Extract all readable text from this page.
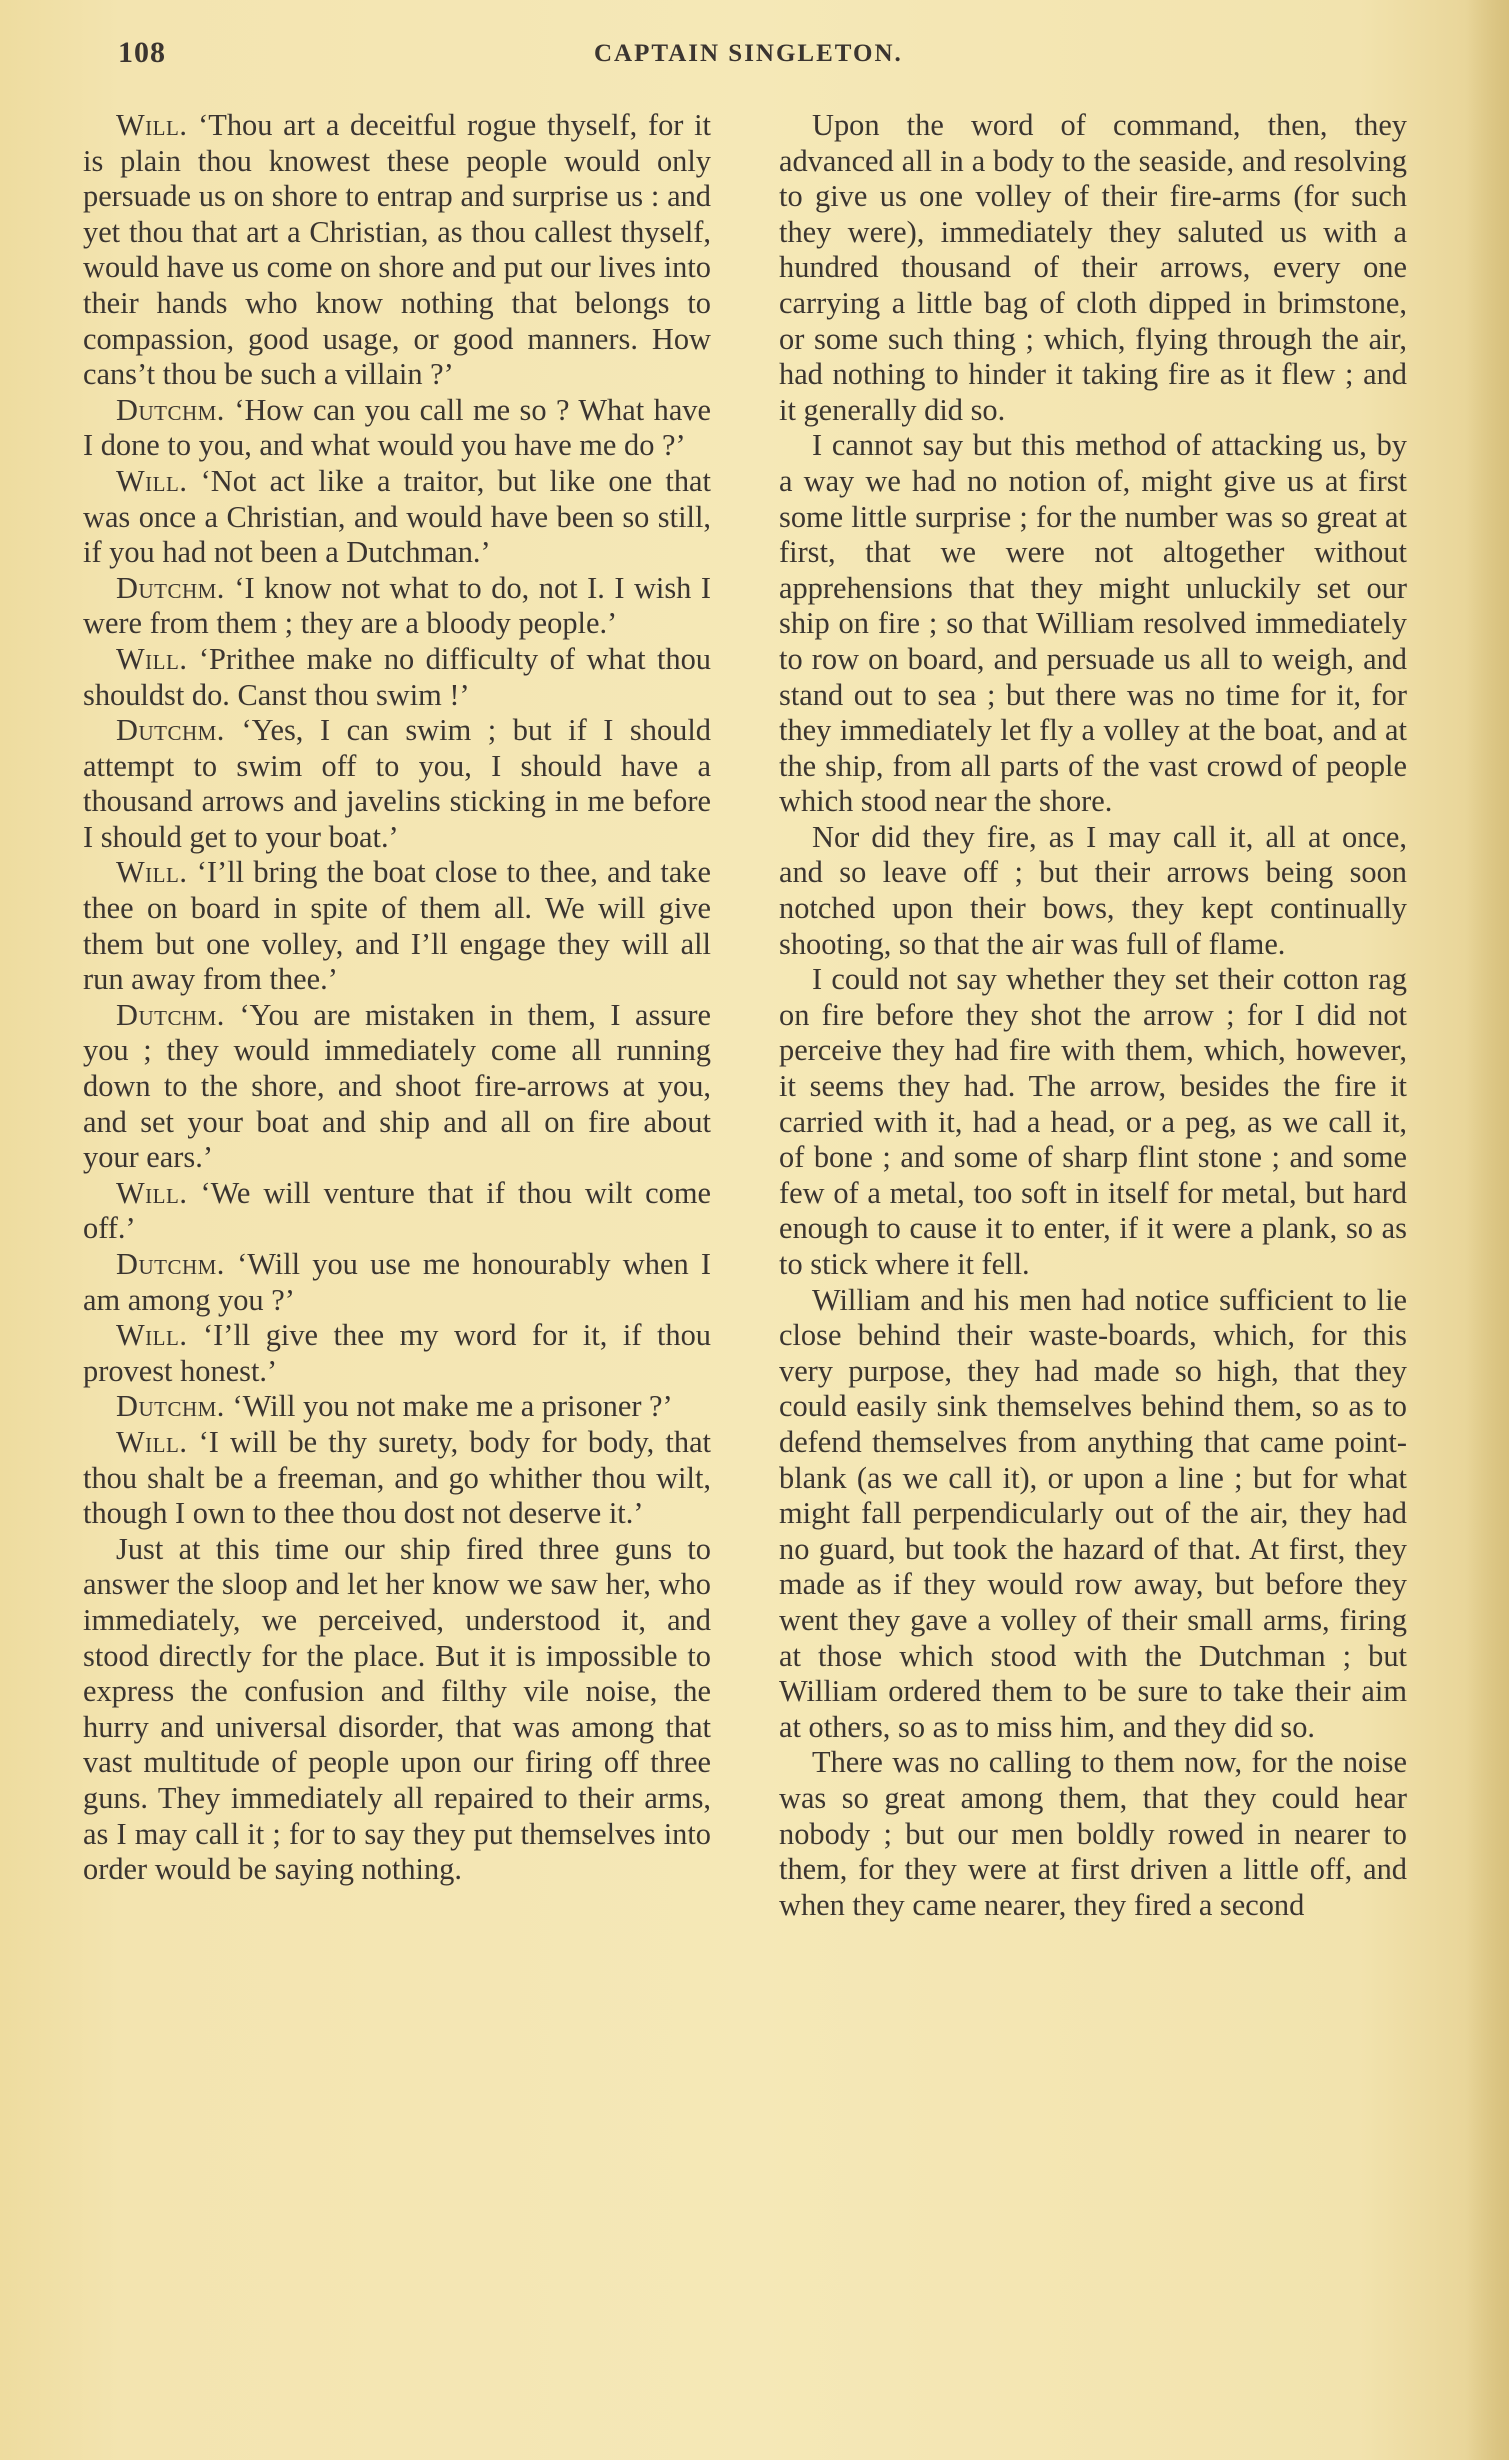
108	CAPTAIN SINGLETON.

Will. ‘Thou art a deceitful rogue thyself, for it is plain thou knowest these people would only persuade us on shore to entrap and surprise us : and yet thou that art a Christian, as thou callest thyself, would have us come on shore and put our lives into their hands who know nothing that belongs to compassion, good usage, or good manners. How cans’t thou be such a villain ?’

Dutchm. ‘How can you call me so ? What have I done to you, and what would you have me do ?’

Will. ‘Not act like a traitor, but like one that was once a Christian, and would have been so still, if you had not been a Dutchman.’

Dutchm. ‘I know not what to do, not I. I wish I were from them ; they are a bloody people.’

Will. ‘Prithee make no difficulty of what thou shouldst do. Canst thou swim !’

Dutchm. ‘Yes, I can swim ; but if I should attempt to swim off to you, I should have a thousand arrows and javelins sticking in me before I should get to your boat.’

Will. ‘I’ll bring the boat close to thee, and take thee on board in spite of them all. We will give them but one volley, and I’ll engage they will all run away from thee.’

Dutchm. ‘You are mistaken in them, I assure you ; they would immediately come all running down to the shore, and shoot fire-arrows at you, and set your boat and ship and all on fire about your ears.’

Will. ‘We will venture that if thou wilt come off.’

Dutchm. ‘Will you use me honourably when I am among you ?’

Will. ‘I’ll give thee my word for it, if thou provest honest.’

Dutchm. ‘Will you not make me a prisoner ?’

Will. ‘I will be thy surety, body for body, that thou shalt be a freeman, and go whither thou wilt, though I own to thee thou dost not deserve it.’

Just at this time our ship fired three guns to answer the sloop and let her know we saw her, who immediately, we perceived, understood it, and stood directly for the place. But it is impossible to express the confusion and filthy vile noise, the hurry and universal disorder, that was among that vast multitude of people upon our firing off three guns. They immediately all repaired to their arms, as I may call it ; for to say they put themselves into order would be saying nothing.

Upon the word of command, then, they advanced all in a body to the seaside, and resolving to give us one volley of their fire-arms (for such they were), immediately they saluted us with a hundred thousand of their arrows, every one carrying a little bag of cloth dipped in brimstone, or some such thing ; which, flying through the air, had nothing to hinder it taking fire as it flew ; and it generally did so.

I cannot say but this method of attacking us, by a way we had no notion of, might give us at first some little surprise ; for the number was so great at first, that we were not altogether without apprehensions that they might unluckily set our ship on fire ; so that William resolved immediately to row on board, and persuade us all to weigh, and stand out to sea ; but there was no time for it, for they immediately let fly a volley at the boat, and at the ship, from all parts of the vast crowd of people which stood near the shore.

Nor did they fire, as I may call it, all at once, and so leave off ; but their arrows being soon notched upon their bows, they kept continually shooting, so that the air was full of flame.

I could not say whether they set their cotton rag on fire before they shot the arrow ; for I did not perceive they had fire with them, which, however, it seems they had. The arrow, besides the fire it carried with it, had a head, or a peg, as we call it, of bone ; and some of sharp flint stone ; and some few of a metal, too soft in itself for metal, but hard enough to cause it to enter, if it were a plank, so as to stick where it fell.

William and his men had notice sufficient to lie close behind their waste-boards, which, for this very purpose, they had made so high, that they could easily sink themselves behind them, so as to defend themselves from anything that came point-blank (as we call it), or upon a line ; but for what might fall perpendicularly out of the air, they had no guard, but took the hazard of that. At first, they made as if they would row away, but before they went they gave a volley of their small arms, firing at those which stood with the Dutchman ; but William ordered them to be sure to take their aim at others, so as to miss him, and they did so.

There was no calling to them now, for the noise was so great among them, that they could hear nobody ; but our men boldly rowed in nearer to them, for they were at first driven a little off, and when they came nearer, they fired a second
